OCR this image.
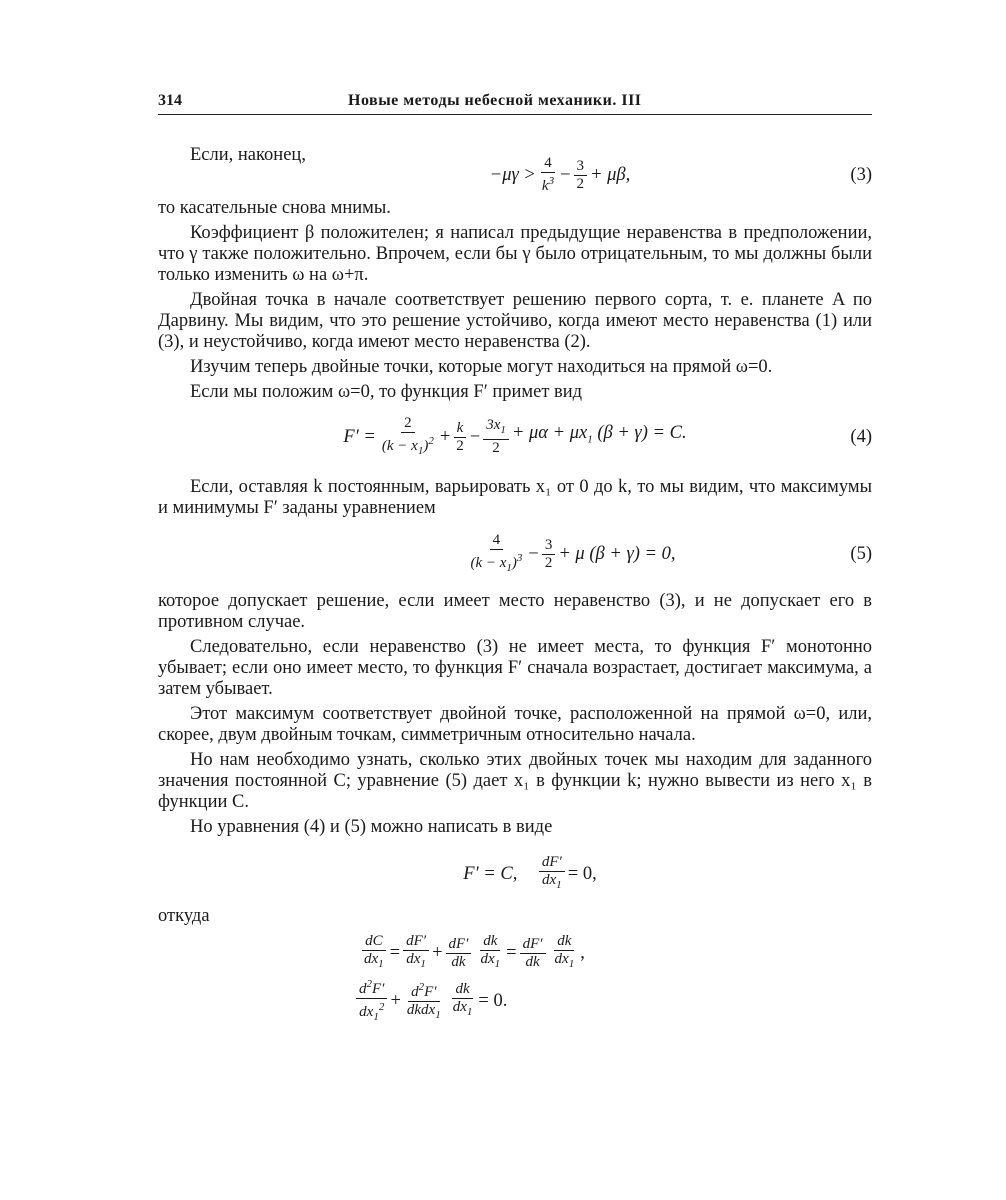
314	Новые методы небесной механики. III

Если, наконец,

$-\mu\gamma > \frac{4}{k^3} - \frac{3}{2} + \mu\beta$,	(3)

то касательные снова мнимы.

Коэффициент β положителен; я написал предыдущие неравенства в предположении, что γ также положительно. Впрочем, если бы γ было отрицательным, то мы должны были только изменить ω на ω+π.

Двойная точка в начале соответствует решению первого сорта, т. е. планете A по Дарвину. Мы видим, что это решение устойчиво, когда имеют место неравенства (1) или (3), и неустойчиво, когда имеют место неравенства (2).

Изучим теперь двойные точки, которые могут находиться на прямой ω=0.

Если мы положим ω=0, то функция F′ примет вид

$F' = \frac{2}{(k - x_1)^2} + \frac{k}{2} - \frac{3x_1}{2} + \mu\alpha + \mu x_1$ (β + γ) = C.	(4)

Если, оставляя k постоянным, варьировать x₁ от 0 до k, то мы видим, что максимумы и минимумы F′ заданы уравнением

$\frac{4}{(k - x_1)^3} - \frac{3}{2} + \mu$ (β + γ) = 0,	(5)

которое допускает решение, если имеет место неравенство (3), и не допускает его в противном случае.

Следовательно, если неравенство (3) не имеет места, то функция F′ монотонно убывает; если оно имеет место, то функция F′ сначала возрастает, достигает максимума, а затем убывает.

Этот максимум соответствует двойной точке, расположенной на прямой ω=0, или, скорее, двум двойным точкам, симметричным относительно начала.

Но нам необходимо узнать, сколько этих двойных точек мы находим для заданного значения постоянной C; уравнение (5) дает x₁ в функции k; нужно вывести из него x₁ в функции C.

Но уравнения (4) и (5) можно написать в виде

F′ = C, $\frac{dF'}{dx_1} = 0$,

откуда

$\frac{dC}{dx_1} = \frac{dF'}{dx_1} + \frac{dF'}{dk} \frac{dk}{dx_1} = \frac{dF'}{dk} \frac{dk}{dx_1}$ ,
$\frac{d^2F'}{dx_1^2} + \frac{d^2F'}{dkdx_1} \frac{dk}{dx_1} = 0$.
